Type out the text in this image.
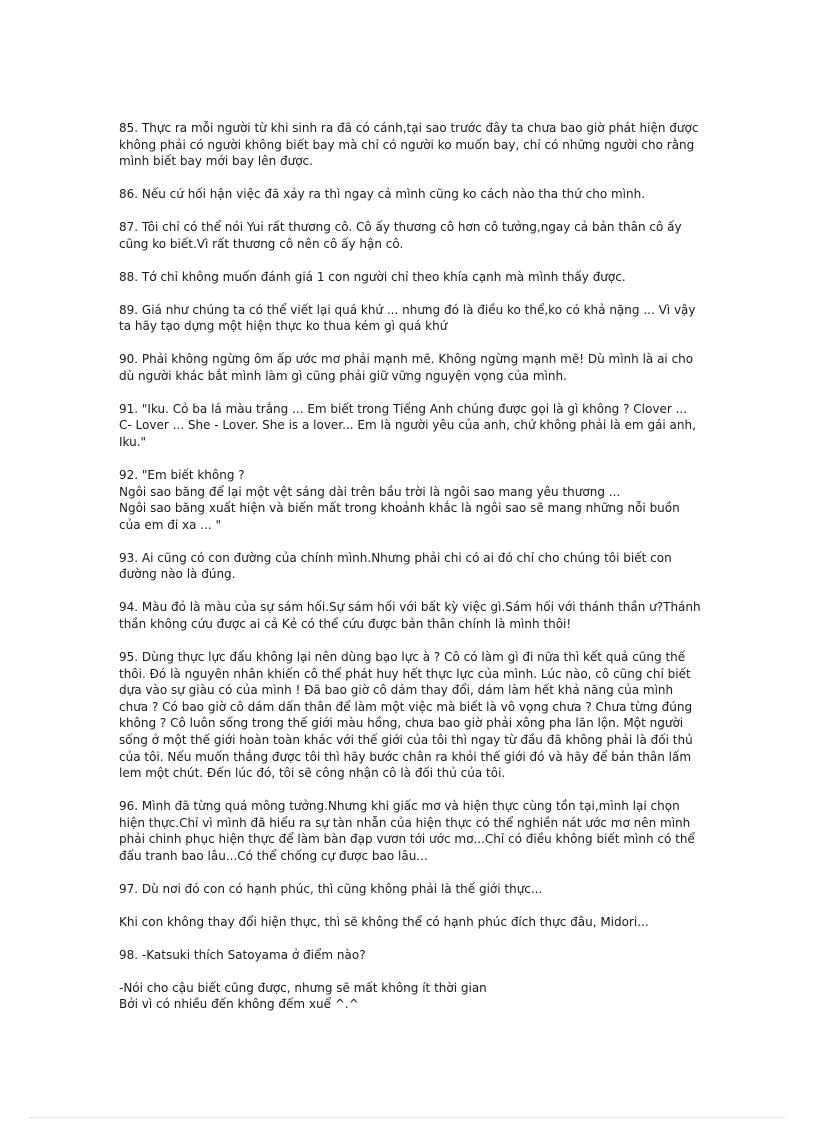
85. Thực ra mỗi người từ khi sinh ra đã có cánh,tại sao trước đây ta chưa bao giờ phát hiện được không phải có người không biết bay mà chỉ có người ko muốn bay, chỉ có những người cho rằng mình biết bay mới bay lên được.

86. Nếu cứ hối hận việc đã xảy ra thì ngay cả mình cũng ko cách nào tha thứ cho mình.

87. Tôi chỉ có thể nói Yui rất thương cô. Cô ấy thương cô hơn cô tưởng,ngay cả bản thân cô ấy cũng ko biết.Vì rất thương cô nên cô ấy hận cô.

88. Tớ chỉ không muốn đánh giá 1 con người chỉ theo khía cạnh mà mình thấy được.

89. Giá như chúng ta có thể viết lại quá khứ ... nhưng đó là điều ko thể,ko có khả nặng ... Vì vậy ta hãy tạo dựng một hiện thực ko thua kém gì quá khứ

90. Phải không ngừng ôm ấp ước mơ phải mạnh mẽ. Không ngừng mạnh mẽ! Dù mình là ai cho dù người khác bắt mình làm gì cũng phải giữ vững nguyện vọng của mình.

91. "Iku. Cỏ ba lá màu trắng ... Em biết trong Tiếng Anh chúng được gọi là gì không ? Clover ... C- Lover ... She - Lover. She is a lover... Em là người yêu của anh, chứ không phải là em gái anh, Iku."

92. "Em biết không ?
Ngôi sao băng để lại một vệt sáng dài trên bầu trời là ngôi sao mang yêu thương ...
Ngôi sao băng xuất hiện và biến mất trong khoảnh khắc là ngôi sao sẽ mang những nỗi buồn của em đi xa ... "

93. Ai cũng có con đường của chính mình.Nhưng phải chi có ai đó chỉ cho chúng tôi biết con đường nào là đúng.

94. Màu đỏ là màu của sự sám hối.Sự sám hối với bất kỳ việc gì.Sám hối với thánh thần ư?Thánh thần không cứu được ai cả Kẻ có thể cứu được bản thân chính là mình thôi!

95. Dùng thực lực đấu không lại nên dùng bạo lực à ? Cô có làm gì đi nữa thì kết quả cũng thế thôi. Đó là nguyên nhân khiến cô thể phát huy hết thực lực của mình. Lúc nào, cô cũng chỉ biết dựa vào sự giàu có của mình ! Đã bao giờ cô dám thay đổi, dám làm hết khả năng của mình chưa ? Có bao giờ cô dám dấn thân để làm một việc mà biết là vô vọng chưa ? Chưa từng đúng không ? Cô luôn sống trong thế giới màu hồng, chưa bao giờ phải xông pha lăn lộn. Một người sống ở một thế giới hoàn toàn khác với thế giới của tôi thì ngay từ đầu đã không phải là đối thủ của tôi. Nếu muốn thắng được tôi thì hãy bước chân ra khỏi thế giới đó và hãy để bản thân lấm lem một chút. Đến lúc đó, tôi sẽ công nhận cô là đối thủ của tôi.

96. Mình đã từng quá mông tưởng.Nhưng khi giấc mơ và hiện thực cùng tồn tại,mình lại chọn hiện thực.Chỉ vì mình đã hiểu ra sự tàn nhẫn của hiện thực có thể nghiền nát ước mơ nên mình phải chinh phục hiện thực để làm bàn đạp vươn tới ước mơ...Chỉ có điều không biết mình có thể đấu tranh bao lâu...Có thể chống cự được bao lâu...

97. Dù nơi đó con có hạnh phúc, thì cũng không phải là thế giới thực...

Khi con không thay đổi hiện thực, thì sẽ không thể có hạnh phúc đích thực đâu, Midori...

98. -Katsuki thích Satoyama ở điểm nào?

-Nói cho cậu biết cũng được, nhưng sẽ mất không ít thời gian
Bởi vì có nhiều đến không đếm xuể ^.^
